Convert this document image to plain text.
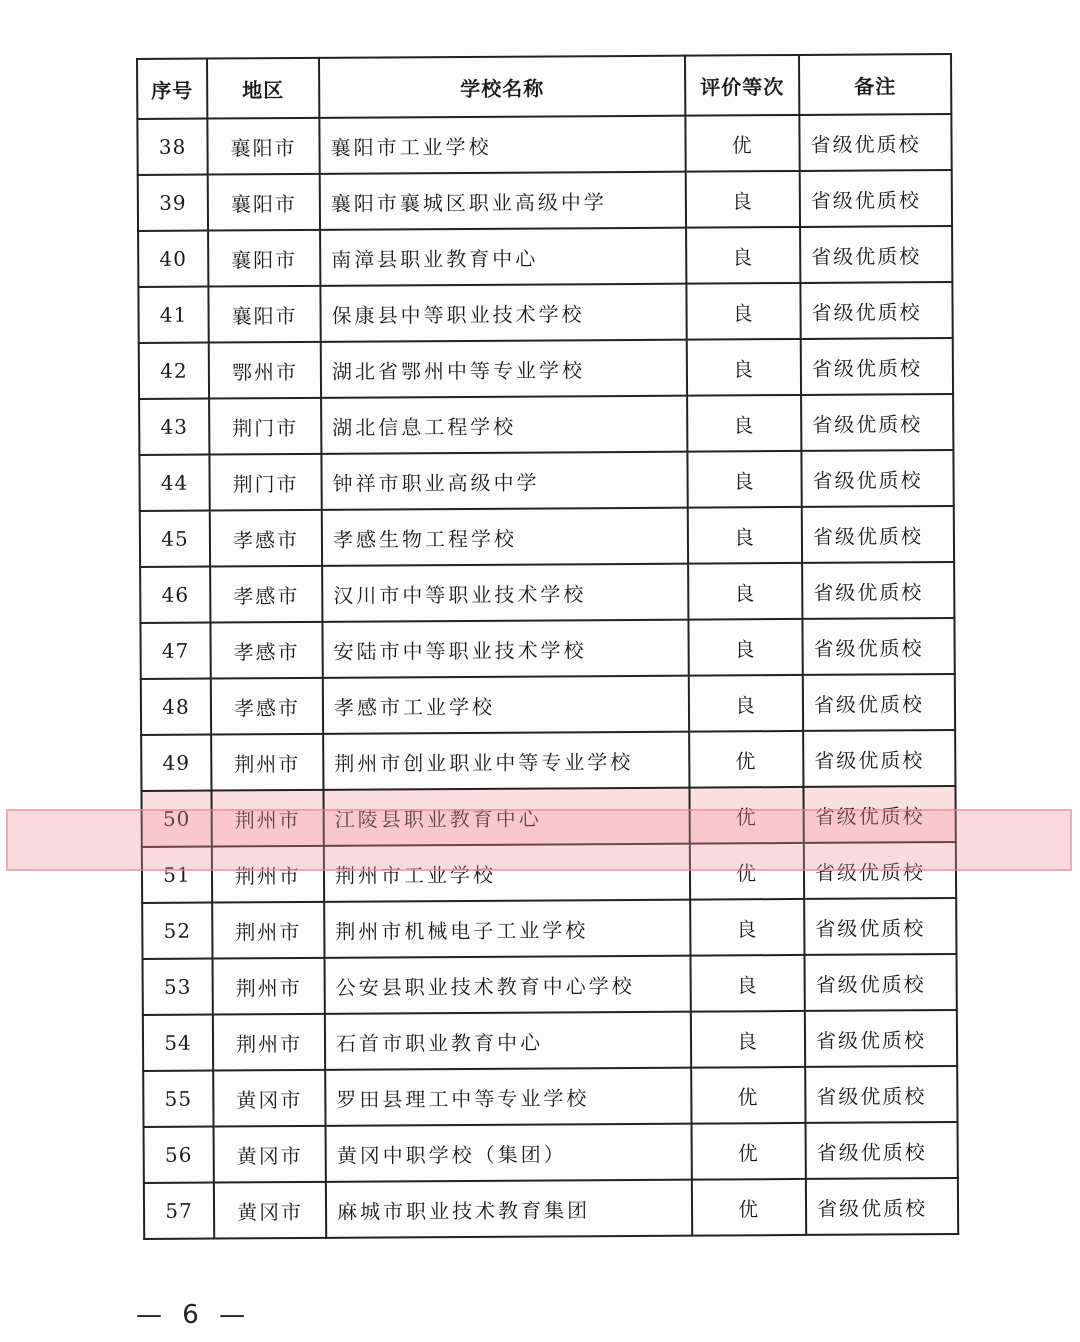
序号	地区	学校名称	评价等次	备注
38	襄阳市	襄阳市工业学校	优	省级优质校
39	襄阳市	襄阳市襄城区职业高级中学	良	省级优质校
40	襄阳市	南漳县职业教育中心	良	省级优质校
41	襄阳市	保康县中等职业技术学校	良	省级优质校
42	鄂州市	湖北省鄂州中等专业学校	良	省级优质校
43	荆门市	湖北信息工程学校	良	省级优质校
44	荆门市	钟祥市职业高级中学	良	省级优质校
45	孝感市	孝感生物工程学校	良	省级优质校
46	孝感市	汉川市中等职业技术学校	良	省级优质校
47	孝感市	安陆市中等职业技术学校	良	省级优质校
48	孝感市	孝感市工业学校	良	省级优质校
49	荆州市	荆州市创业职业中等专业学校	优	省级优质校
50	荆州市	江陵县职业教育中心	优	省级优质校
51	荆州市	荆州市工业学校	优	省级优质校
52	荆州市	荆州市机械电子工业学校	良	省级优质校
53	荆州市	公安县职业技术教育中心学校	良	省级优质校
54	荆州市	石首市职业教育中心	良	省级优质校
55	黄冈市	罗田县理工中等专业学校	优	省级优质校
56	黄冈市	黄冈中职学校（集团）	优	省级优质校
57	黄冈市	麻城市职业技术教育集团	优	省级优质校
— 6 —
